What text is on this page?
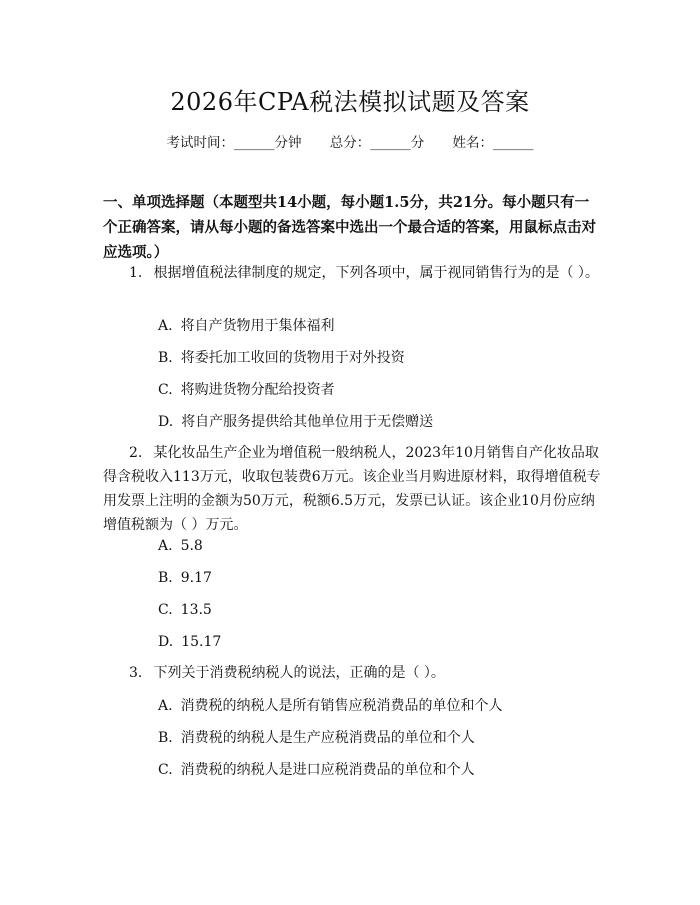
2026年CPA税法模拟试题及答案
考试时间：______分钟 总分：______分 姓名：______
一、单项选择题（本题型共14小题，每小题1.5分，共21分。每小题只有一个正确答案，请从每小题的备选答案中选出一个最合适的答案，用鼠标点击对应选项。）
1. 根据增值税法律制度的规定，下列各项中，属于视同销售行为的是（ ）。
A. 将自产货物用于集体福利
B. 将委托加工收回的货物用于对外投资
C. 将购进货物分配给投资者
D. 将自产服务提供给其他单位用于无偿赠送
2. 某化妆品生产企业为增值税一般纳税人，2023年10月销售自产化妆品取得含税收入113万元，收取包装费6万元。该企业当月购进原材料，取得增值税专用发票上注明的金额为50万元，税额6.5万元，发票已认证。该企业10月份应纳增值税额为（ ）万元。
A. 5.8
B. 9.17
C. 13.5
D. 15.17
3. 下列关于消费税纳税人的说法，正确的是（ ）。
A. 消费税的纳税人是所有销售应税消费品的单位和个人
B. 消费税的纳税人是生产应税消费品的单位和个人
C. 消费税的纳税人是进口应税消费品的单位和个人
